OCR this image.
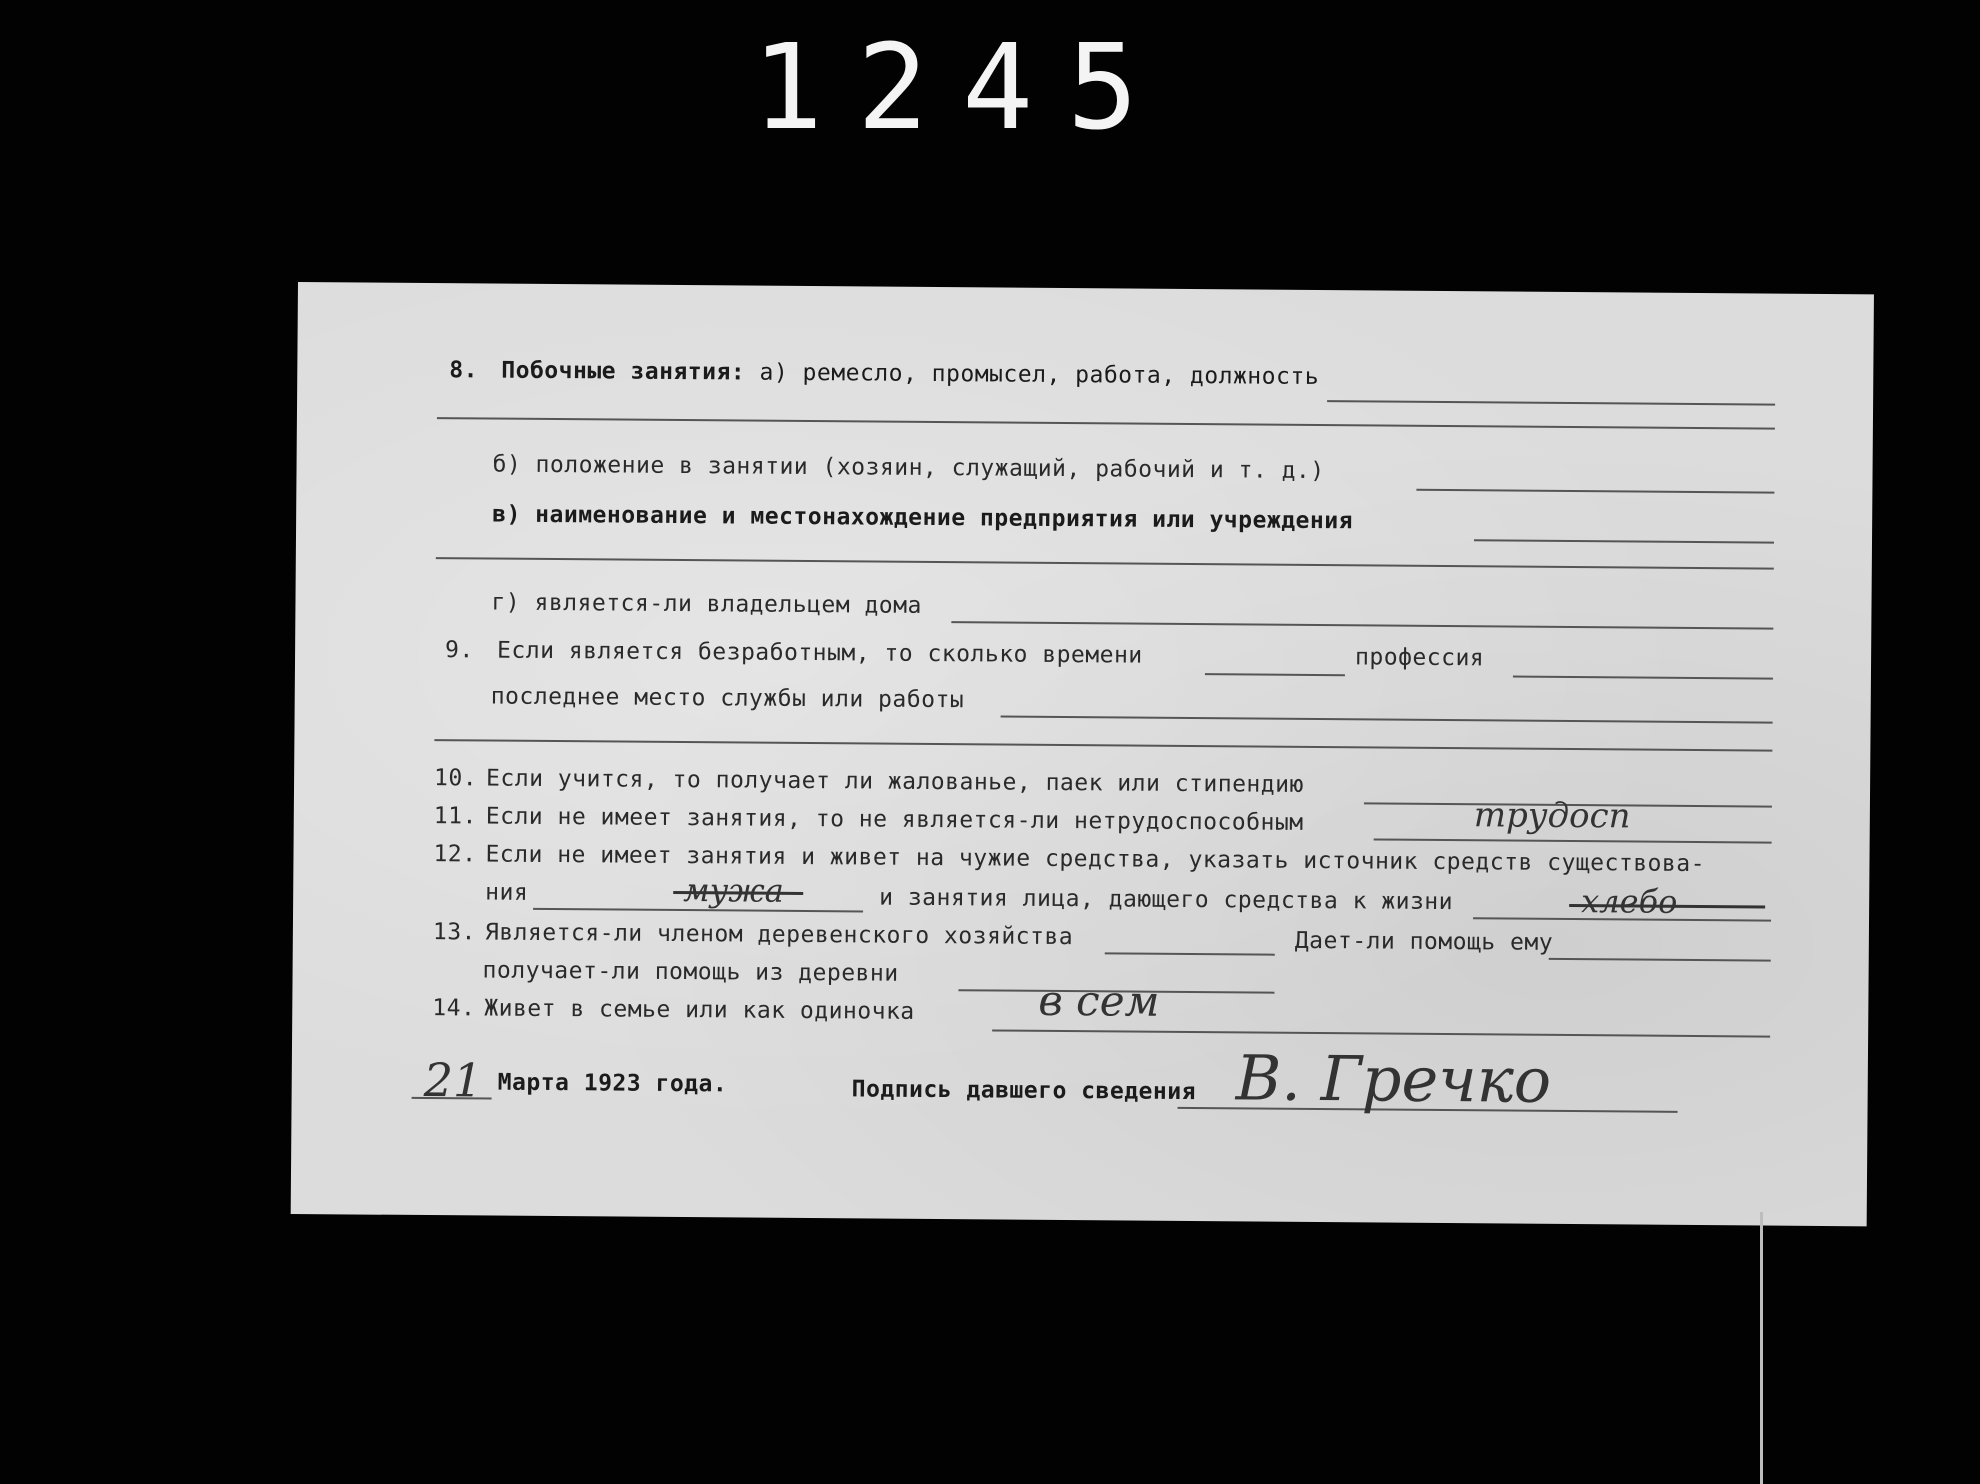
1245
8. Побочные занятия: а) ремесло, промысел, работа, должность
б) положение в занятии (хозяин, служащий, рабочий и т. д.)
в) наименование и местонахождение предприятия или учреждения
г) является-ли владельцем дома
9. Если является безработным, то сколько времени	профессия
последнее место службы или работы
10. Если учится, то получает ли жалованье, паек или стипендию
11. Если не имеет занятия, то не является-ли нетрудоспособным	трудосп
12. Если не имеет занятия и живет на чужие средства, указать источник средств существова-
ния	мужа	и занятия лица, дающего средства к жизни	хлебо
13. Является-ли членом деревенского хозяйства	Дает-ли помощь ему
получает-ли помощь из деревни
14. Живет в семье или как одиночка	в сем
21 Марта 1923 года.	Подпись давшего сведения В. Гречко
